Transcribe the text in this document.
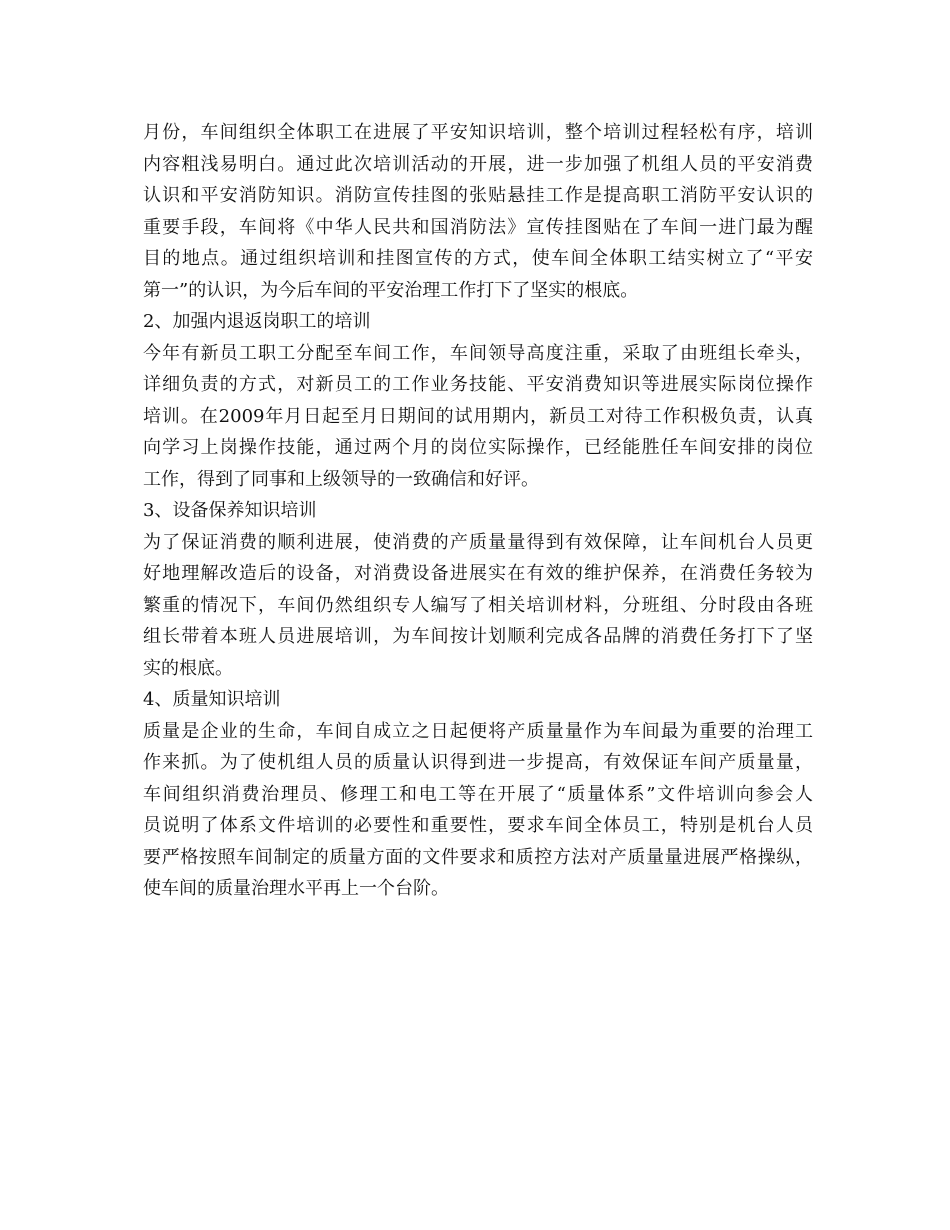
月份，车间组织全体职工在进展了平安知识培训，整个培训过程轻松有序，培训
内容粗浅易明白。通过此次培训活动的开展，进一步加强了机组人员的平安消费
认识和平安消防知识。消防宣传挂图的张贴悬挂工作是提高职工消防平安认识的
重要手段，车间将《中华人民共和国消防法》宣传挂图贴在了车间一进门最为醒
目的地点。通过组织培训和挂图宣传的方式，使车间全体职工结实树立了“平安
第一”的认识，为今后车间的平安治理工作打下了坚实的根底。
2、加强内退返岗职工的培训
今年有新员工职工分配至车间工作，车间领导高度注重，采取了由班组长牵头，
详细负责的方式，对新员工的工作业务技能、平安消费知识等进展实际岗位操作
培训。在2009年月日起至月日期间的试用期内，新员工对待工作积极负责，认真
向学习上岗操作技能，通过两个月的岗位实际操作，已经能胜任车间安排的岗位
工作，得到了同事和上级领导的一致确信和好评。
3、设备保养知识培训
为了保证消费的顺利进展，使消费的产质量量得到有效保障，让车间机台人员更
好地理解改造后的设备，对消费设备进展实在有效的维护保养，在消费任务较为
繁重的情况下，车间仍然组织专人编写了相关培训材料，分班组、分时段由各班
组长带着本班人员进展培训，为车间按计划顺利完成各品牌的消费任务打下了坚
实的根底。
4、质量知识培训
质量是企业的生命，车间自成立之日起便将产质量量作为车间最为重要的治理工
作来抓。为了使机组人员的质量认识得到进一步提高，有效保证车间产质量量，
车间组织消费治理员、修理工和电工等在开展了“质量体系”文件培训向参会人
员说明了体系文件培训的必要性和重要性，要求车间全体员工，特别是机台人员
要严格按照车间制定的质量方面的文件要求和质控方法对产质量量进展严格操纵，
使车间的质量治理水平再上一个台阶。
